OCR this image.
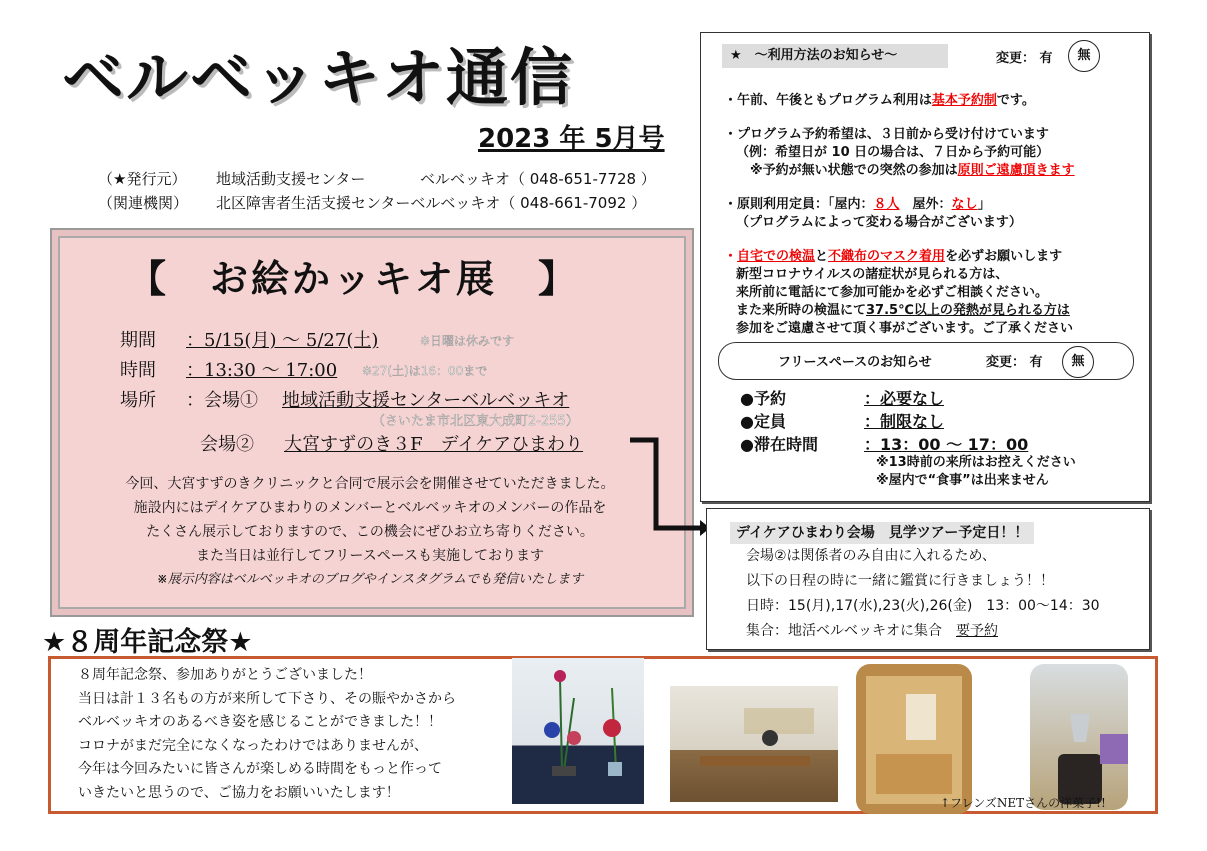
ベルベッキオ通信
2023 年 5月号
（★発行元） 地域活動支援センター	ベルベッキオ（ 048-651-7728 ）
（関連機関） 北区障害者生活支援センターベルベッキオ（ 048-661-7092 ）
【　お絵かッキオ展　】
期間 ：5/15(月) ～ 5/27(土)	※日曜は休みです
時間 ：13:30 ～ 17:00 ※27(土)は16：00まで
場所 ：会場① 地域活動支援センターベルベッキオ
（さいたま市北区東大成町2-255）
会場② 大宮すずのき３F　デイケアひまわり
今回、大宮すずのきクリニックと合同で展示会を開催させていただきました。
施設内にはデイケアひまわりのメンバーとベルベッキオのメンバーの作品を
たくさん展示しておりますので、この機会にぜひお立ち寄りください。
また当日は並行してフリースペースも実施しております
※展示内容はベルベッキオのブログやインスタグラムでも発信いたします
★　～利用方法のお知らせ～	変更： 有	無
・午前、午後ともプログラム利用は基本予約制です。
・プログラム予約希望は、３日前から受け付けています
（例：希望日が 10 日の場合は、７日から予約可能）
※予約が無い状態での突然の参加は原則ご遠慮頂きます
・原則利用定員：「屋内：８人　屋外：なし」
（プログラムによって変わる場合がございます）
・自宅での検温と不織布のマスク着用を必ずお願いします
新型コロナウイルスの諸症状が見られる方は、
来所前に電話にて参加可能かを必ずご相談ください。
また来所時の検温にて37.5℃以上の発熱が見られる方は
参加をご遠慮させて頂く事がございます。ご了承ください
フリースペースのお知らせ	変更： 有	無
●予約	：必要なし
●定員	：制限なし
●滞在時間	：13：00 ～ 17：00
※13時前の来所はお控えください
※屋内で“食事”は出来ません
デイケアひまわり会場　見学ツアー予定日！！
会場②は関係者のみ自由に入れるため、
以下の日程の時に一緒に鑑賞に行きましょう！！
日時：15(月),17(水),23(火),26(金)　13：00～14：30
集合：地活ベルベッキオに集合　要予約
★８周年記念祭★
８周年記念祭、参加ありがとうございました！
当日は計１３名もの方が来所して下さり、その賑やかさから
ベルベッキオのあるべき姿を感じることができました！！
コロナがまだ完全になくなったわけではありませんが、
今年は今回みたいに皆さんが楽しめる時間をもっと作って
いきたいと思うので、ご協力をお願いいたします！
↑フレンズNETさんの洋菓子!!
